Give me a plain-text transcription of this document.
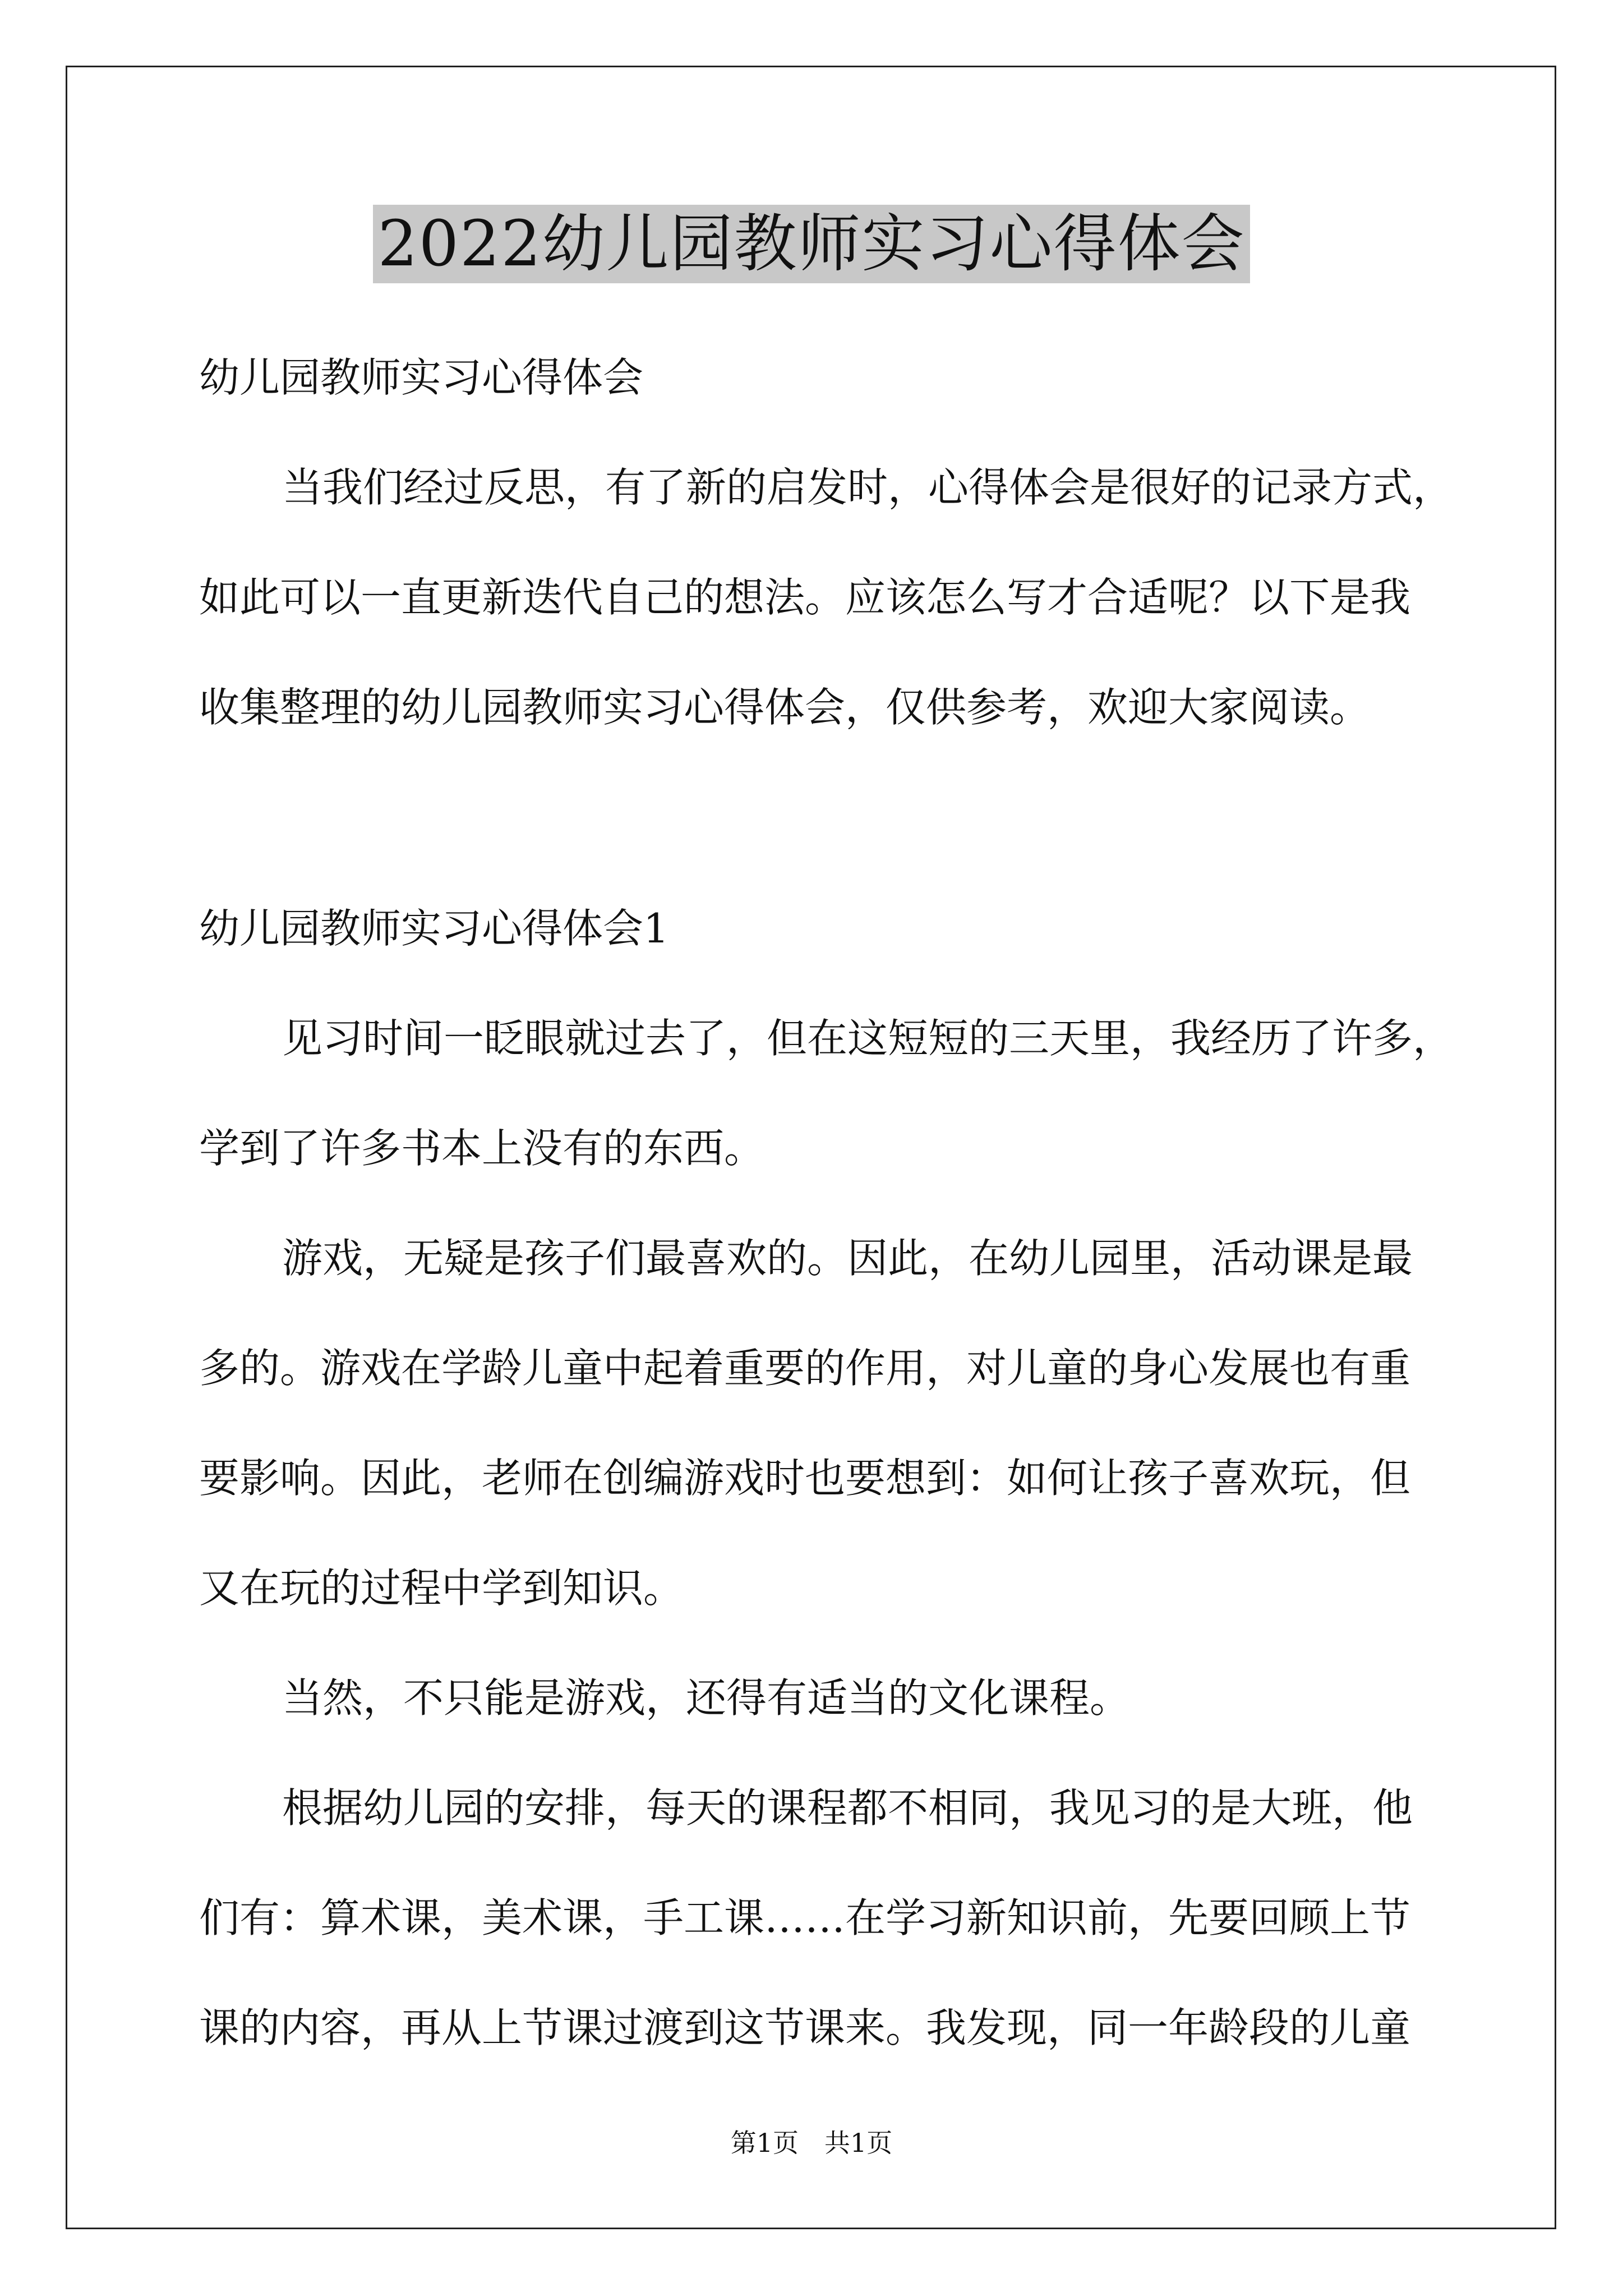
2022幼儿园教师实习心得体会
幼儿园教师实习心得体会
当我们经过反思，有了新的启发时，心得体会是很好的记录方式，
如此可以一直更新迭代自己的想法。应该怎么写才合适呢？以下是我
收集整理的幼儿园教师实习心得体会，仅供参考，欢迎大家阅读。
幼儿园教师实习心得体会1
见习时间一眨眼就过去了，但在这短短的三天里，我经历了许多，
学到了许多书本上没有的东西。
游戏，无疑是孩子们最喜欢的。因此，在幼儿园里，活动课是最
多的。游戏在学龄儿童中起着重要的作用，对儿童的身心发展也有重
要影响。因此，老师在创编游戏时也要想到：如何让孩子喜欢玩，但
又在玩的过程中学到知识。
当然，不只能是游戏，还得有适当的文化课程。
根据幼儿园的安排，每天的课程都不相同，我见习的是大班，他
们有：算术课，美术课，手工课……在学习新知识前，先要回顾上节
课的内容，再从上节课过渡到这节课来。我发现，同一年龄段的儿童
第1页　共1页
